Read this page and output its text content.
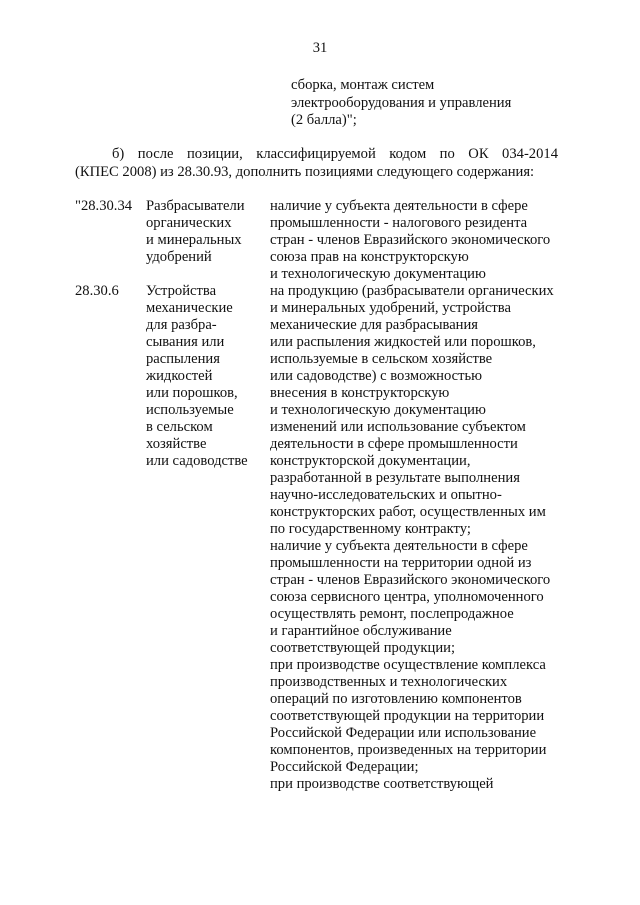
31
сборка, монтаж систем
электрооборудования и управления
(2 балла)";
б) после позиции, классифицируемой кодом по ОК 034-2014
(КПЕС 2008) из 28.30.93, дополнить позициями следующего содержания:
"28.30.34 Разбрасыватели
органических
и минеральных
удобрений
наличие у субъекта деятельности в сфере
промышленности - налогового резидента
стран - членов Евразийского экономического
союза прав на конструкторскую
и технологическую документацию
28.30.6 Устройства
механические
для разбра-
сывания или
распыления
жидкостей
или порошков,
используемые
в сельском
хозяйстве
или садоводстве
на продукцию (разбрасыватели органических
и минеральных удобрений, устройства
механические для разбрасывания
или распыления жидкостей или порошков,
используемые в сельском хозяйстве
или садоводстве) с возможностью
внесения в конструкторскую
и технологическую документацию
изменений или использование субъектом
деятельности в сфере промышленности
конструкторской документации,
разработанной в результате выполнения
научно-исследовательских и опытно-
конструкторских работ, осуществленных им
по государственному контракту;
наличие у субъекта деятельности в сфере
промышленности на территории одной из
стран - членов Евразийского экономического
союза сервисного центра, уполномоченного
осуществлять ремонт, послепродажное
и гарантийное обслуживание
соответствующей продукции;
при производстве осуществление комплекса
производственных и технологических
операций по изготовлению компонентов
соответствующей продукции на территории
Российской Федерации или использование
компонентов, произведенных на территории
Российской Федерации;
при производстве соответствующей
